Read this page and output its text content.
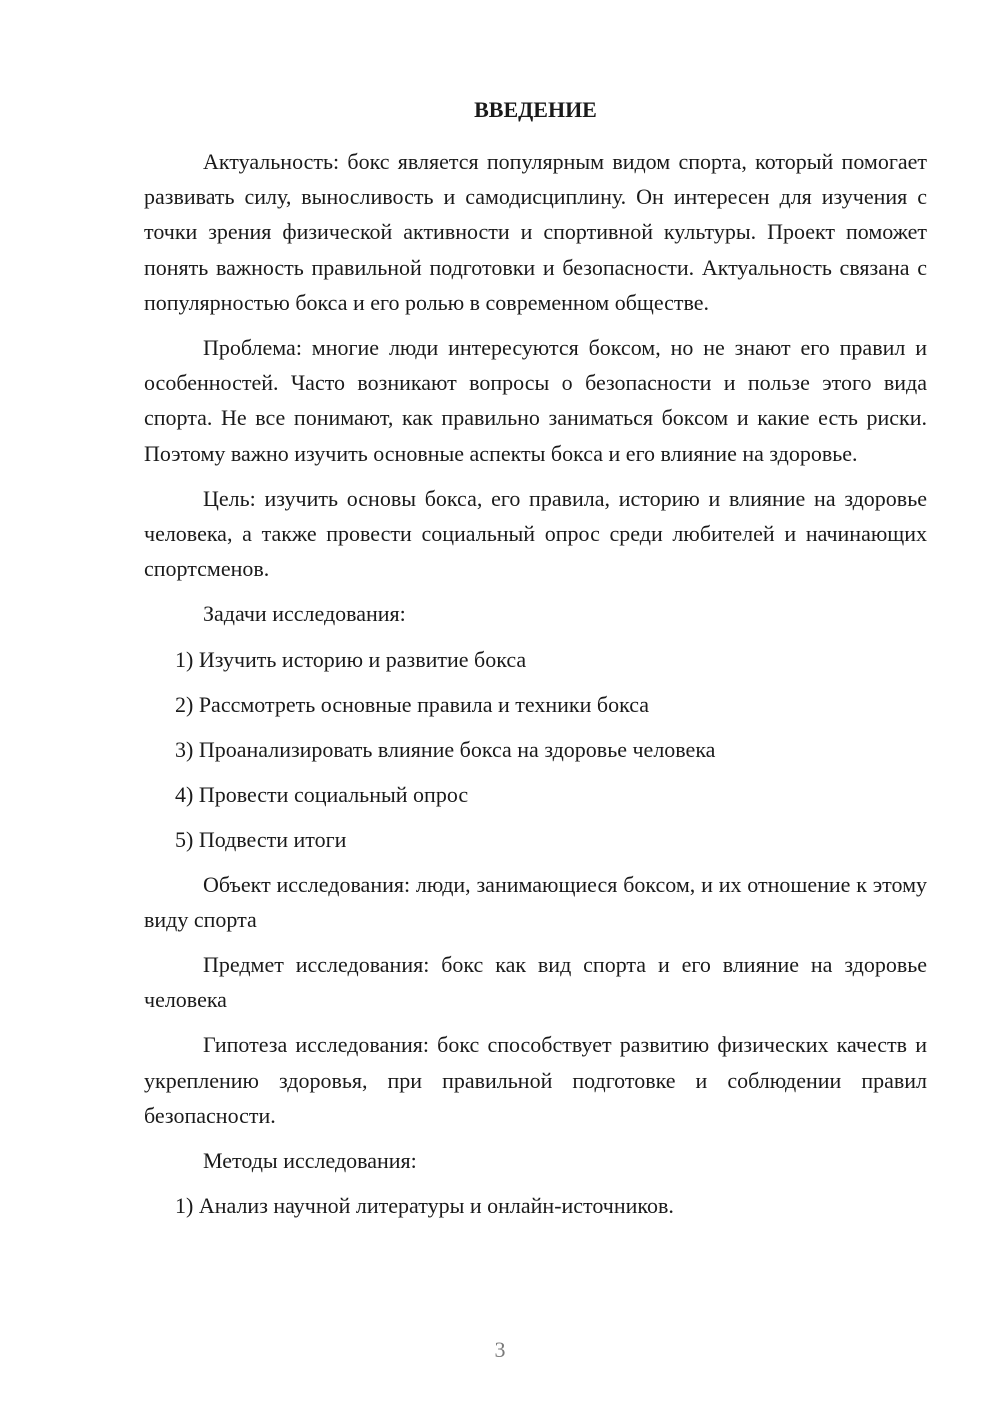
ВВЕДЕНИЕ

Актуальность: бокс является популярным видом спорта, который помогает развивать силу, выносливость и самодисциплину. Он интересен для изучения с точки зрения физической активности и спортивной культуры. Проект поможет понять важность правильной подготовки и безопасности. Актуальность связана с популярностью бокса и его ролью в современном обществе.

Проблема: многие люди интересуются боксом, но не знают его правил и особенностей. Часто возникают вопросы о безопасности и пользе этого вида спорта. Не все понимают, как правильно заниматься боксом и какие есть риски. Поэтому важно изучить основные аспекты бокса и его влияние на здоровье.

Цель: изучить основы бокса, его правила, историю и влияние на здоровье человека, а также провести социальный опрос среди любителей и начинающих спортсменов.

Задачи исследования:

1) Изучить историю и развитие бокса
2) Рассмотреть основные правила и техники бокса
3) Проанализировать влияние бокса на здоровье человека
4) Провести социальный опрос
5) Подвести итоги

Объект исследования: люди, занимающиеся боксом, и их отношение к этому виду спорта

Предмет исследования: бокс как вид спорта и его влияние на здоровье человека

Гипотеза исследования: бокс способствует развитию физических качеств и укреплению здоровья, при правильной подготовке и соблюдении правил безопасности.

Методы исследования:

1) Анализ научной литературы и онлайн-источников.
3
